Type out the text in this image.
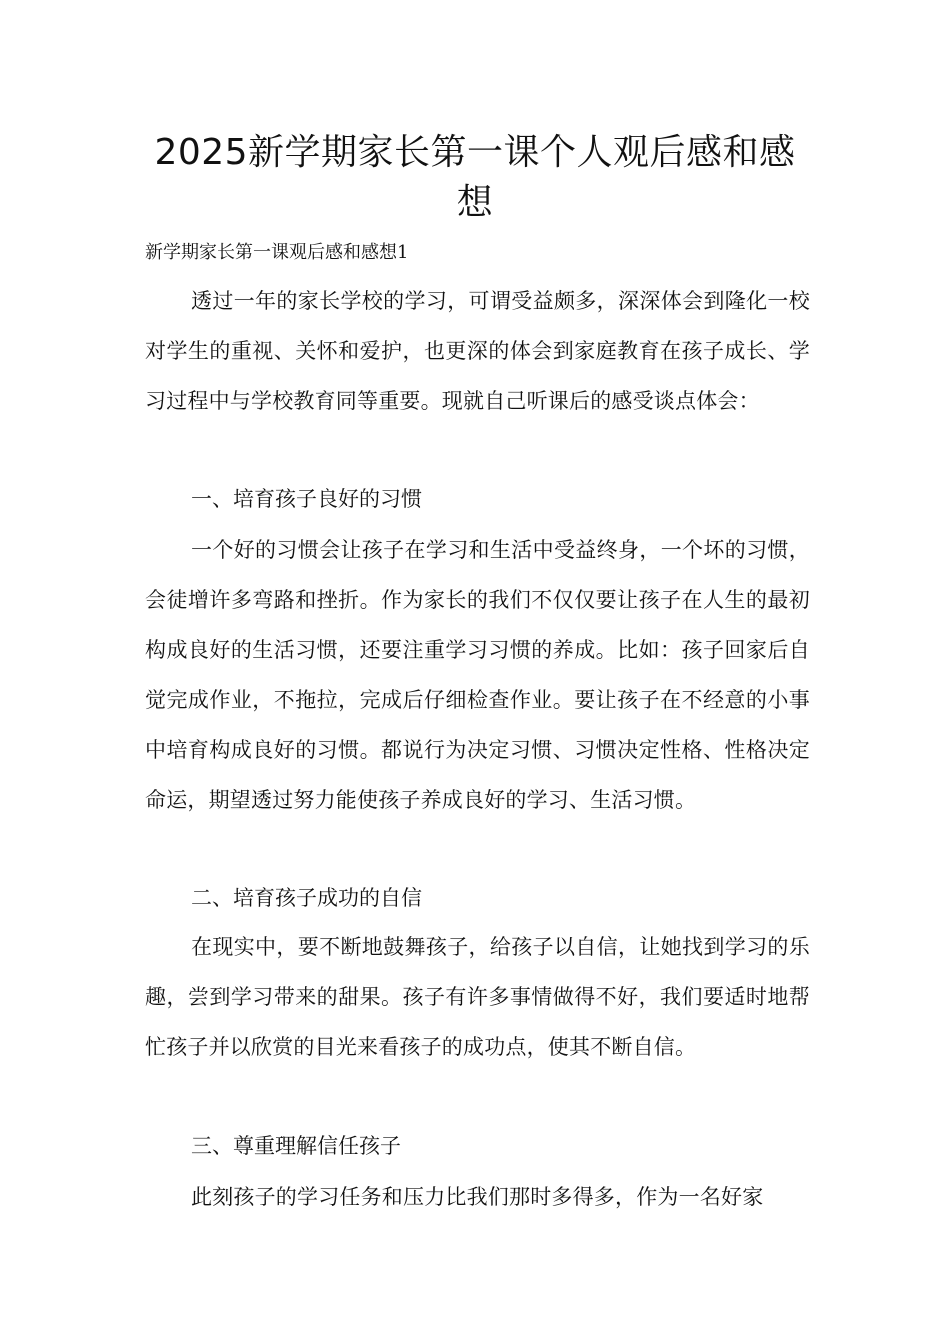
2025新学期家长第一课个人观后感和感想

新学期家长第一课观后感和感想1

透过一年的家长学校的学习，可谓受益颇多，深深体会到隆化一校对学生的重视、关怀和爱护，也更深的体会到家庭教育在孩子成长、学习过程中与学校教育同等重要。现就自己听课后的感受谈点体会：

一、培育孩子良好的习惯

一个好的习惯会让孩子在学习和生活中受益终身，一个坏的习惯，会徒增许多弯路和挫折。作为家长的我们不仅仅要让孩子在人生的最初构成良好的生活习惯，还要注重学习习惯的养成。比如：孩子回家后自觉完成作业，不拖拉，完成后仔细检查作业。要让孩子在不经意的小事中培育构成良好的习惯。都说行为决定习惯、习惯决定性格、性格决定命运，期望透过努力能使孩子养成良好的学习、生活习惯。

二、培育孩子成功的自信

在现实中，要不断地鼓舞孩子，给孩子以自信，让她找到学习的乐趣，尝到学习带来的甜果。孩子有许多事情做得不好，我们要适时地帮忙孩子并以欣赏的目光来看孩子的成功点，使其不断自信。

三、尊重理解信任孩子

此刻孩子的学习任务和压力比我们那时多得多，作为一名好家
